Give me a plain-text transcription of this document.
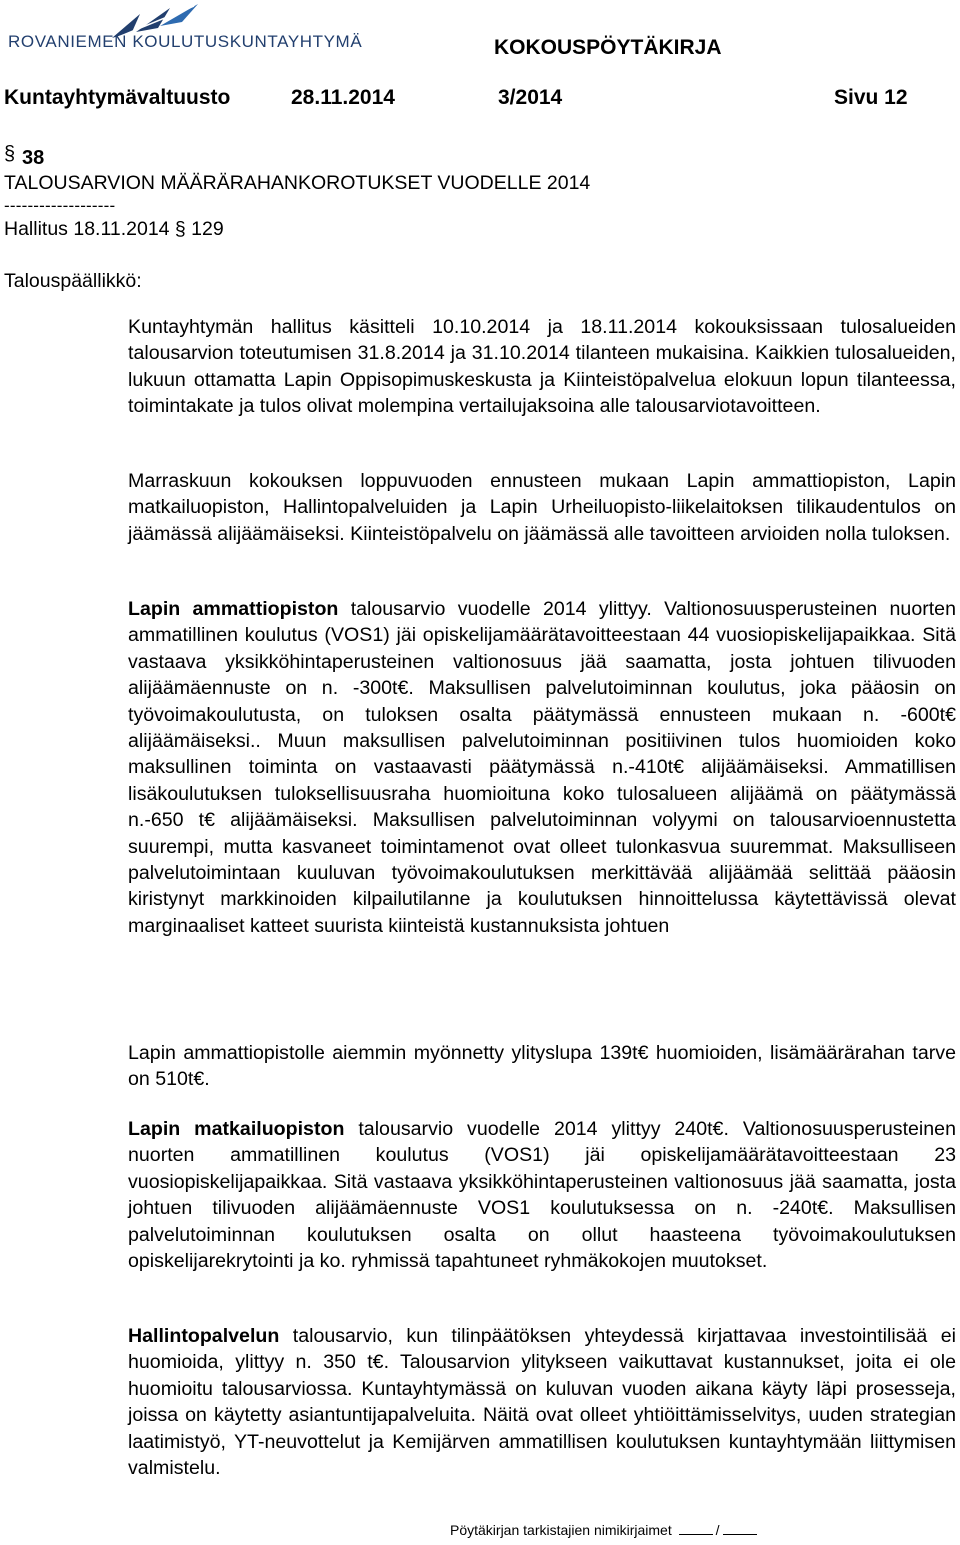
ROVANIEMEN KOULUTUSKUNTAYHTYMÄ	KOKOUSPÖYTÄKIRJA
Kuntayhtymävaltuusto	28.11.2014	3/2014	Sivu 12
§ 38
TALOUSARVION MÄÄRÄRAHANKOROTUKSET VUODELLE 2014
-------------------
Hallitus 18.11.2014 § 129
Talouspäällikkö:
Kuntayhtymän hallitus käsitteli 10.10.2014 ja 18.11.2014 kokouksissaan tulosalueiden talousarvion toteutumisen 31.8.2014 ja 31.10.2014 tilanteen mukaisina. Kaikkien tulosalueiden, lukuun ottamatta Lapin Oppisopimuskeskusta ja Kiinteistöpalvelua elokuun lopun tilanteessa, toimintakate ja tulos olivat molempina vertailujaksoina alle talousarviotavoitteen.
Marraskuun kokouksen loppuvuoden ennusteen mukaan Lapin ammattiopiston, Lapin matkailuopiston, Hallintopalveluiden ja Lapin Urheiluopisto-liikelaitoksen tilikaudentulos on jäämässä alijäämäiseksi. Kiinteistöpalvelu on jäämässä alle tavoitteen arvioiden nolla tuloksen.
Lapin ammattiopiston talousarvio vuodelle 2014 ylittyy. Valtionosuusperusteinen nuorten ammatillinen koulutus (VOS1) jäi opiskelijamäärätavoitteestaan 44 vuosiopiskelijapaikkaa. Sitä vastaava yksikköhintaperusteinen valtionosuus jää saamatta, josta johtuen tilivuoden alijäämäennuste on n. -300t€. Maksullisen palvelutoiminnan koulutus, joka pääosin on työvoimakoulutusta, on tuloksen osalta päätymässä ennusteen mukaan n. -600t€ alijäämäiseksi.. Muun maksullisen palvelutoiminnan positiivinen tulos huomioiden koko maksullinen toiminta on vastaavasti päätymässä n.-410t€ alijäämäiseksi. Ammatillisen lisäkoulutuksen tuloksellisuusraha huomioituna koko tulosalueen alijäämä on päätymässä n.-650 t€ alijäämäiseksi. Maksullisen palvelutoiminnan volyymi on talousarvioennustetta suurempi, mutta kasvaneet toimintamenot ovat olleet tulonkasvua suuremmat. Maksulliseen palvelutoimintaan kuuluvan työvoimakoulutuksen merkittävää alijäämää selittää pääosin kiristynyt markkinoiden kilpailutilanne ja koulutuksen hinnoittelussa käytettävissä olevat marginaaliset katteet suurista kiinteistä kustannuksista johtuen
Lapin ammattiopistolle aiemmin myönnetty ylityslupa 139t€ huomioiden, lisämäärärahan tarve on 510t€.
Lapin matkailuopiston talousarvio vuodelle 2014 ylittyy 240t€. Valtionosuusperusteinen nuorten ammatillinen koulutus (VOS1) jäi opiskelijamäärätavoitteestaan 23 vuosiopiskelijapaikkaa. Sitä vastaava yksikköhintaperusteinen valtionosuus jää saamatta, josta johtuen tilivuoden alijäämäennuste VOS1 koulutuksessa on n. -240t€. Maksullisen palvelutoiminnan koulutuksen osalta on ollut haasteena työvoimakoulutuksen opiskelijarekrytointi ja ko. ryhmissä tapahtuneet ryhmäkokojen muutokset.
Hallintopalvelun talousarvio, kun tilinpäätöksen yhteydessä kirjattavaa investointilisää ei huomioida, ylittyy n. 350 t€. Talousarvion ylitykseen vaikuttavat kustannukset, joita ei ole huomioitu talousarviossa. Kuntayhtymässä on kuluvan vuoden aikana käyty läpi prosesseja, joissa on käytetty asiantuntijapalveluita. Näitä ovat olleet yhtiöittämisselvitys, uuden strategian laatimistyö, YT-neuvottelut ja Kemijärven ammatillisen koulutuksen kuntayhtymään liittymisen valmistelu.
Pöytäkirjan tarkistajien nimikirjaimet	/
